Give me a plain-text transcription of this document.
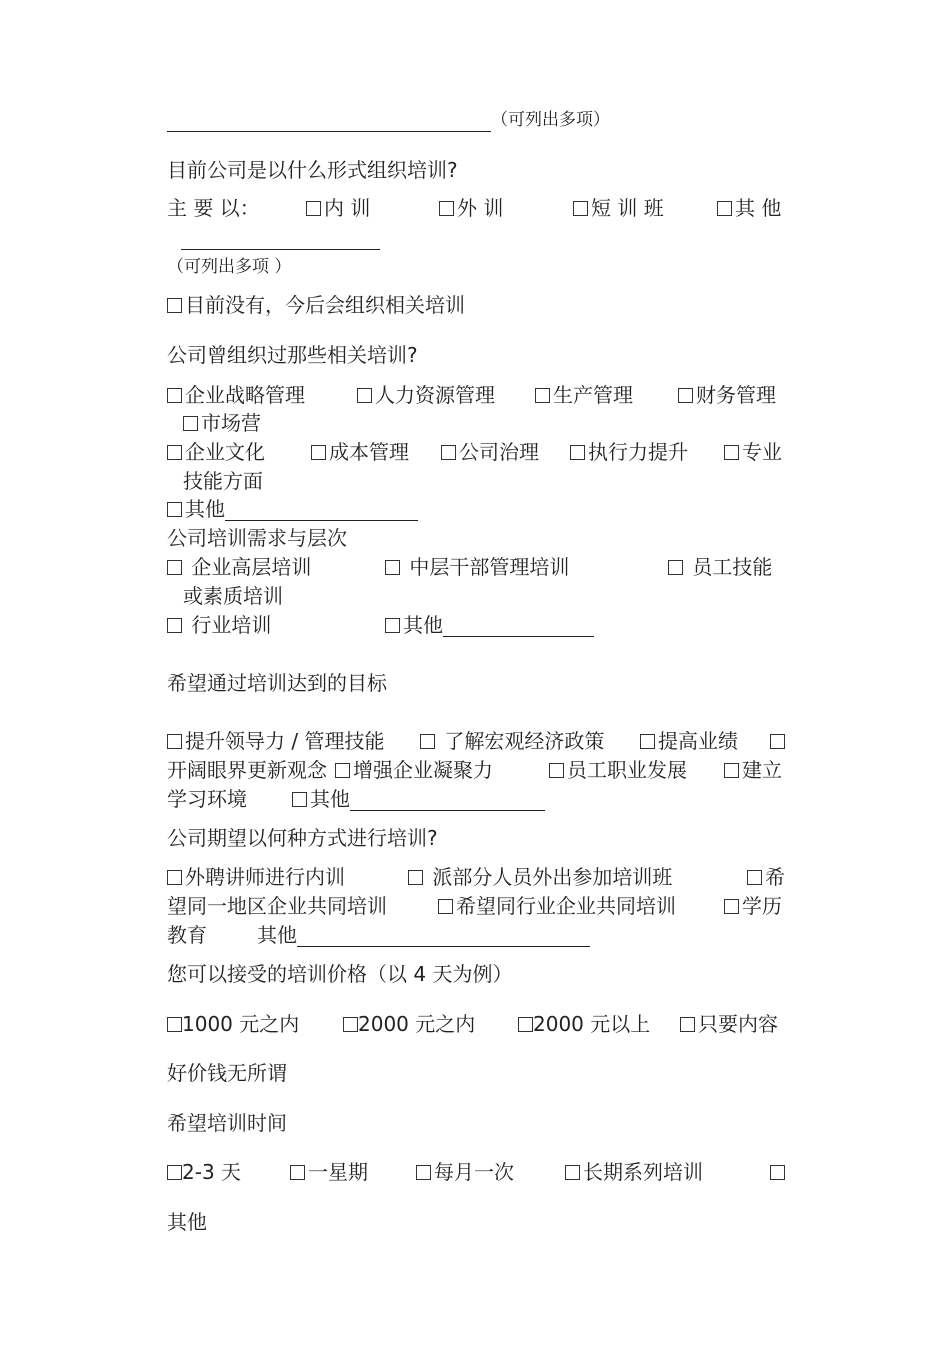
（可列出多项）
目前公司是以什么形式组织培训?
主 要 以：	内 训	外 训	短 训 班	其 他
（可列出多项 ）
目前没有，今后会组织相关培训
公司曾组织过那些相关培训?
企业战略管理	人力资源管理	生产管理	财务管理
市场营
企业文化	成本管理	公司治理	执行力提升	专业
技能方面
其他
公司培训需求与层次
企业高层培训	中层干部管理培训	员工技能
或素质培训
行业培训	其他
希望通过培训达到的目标
提升领导力 / 管理技能	了解宏观经济政策	提高业绩
开阔眼界更新观念	增强企业凝聚力	员工职业发展	建立
学习环境	其他
公司期望以何种方式进行培训?
外聘讲师进行内训	派部分人员外出参加培训班	希
望同一地区企业共同培训	希望同行业企业共同培训	学历
教育	其他
您可以接受的培训价格（以 4 天为例）
1000 元之内	2000 元之内	2000 元以上	只要内容
好价钱无所谓
希望培训时间
2-3 天	一星期	每月一次	长期系列培训
其他
